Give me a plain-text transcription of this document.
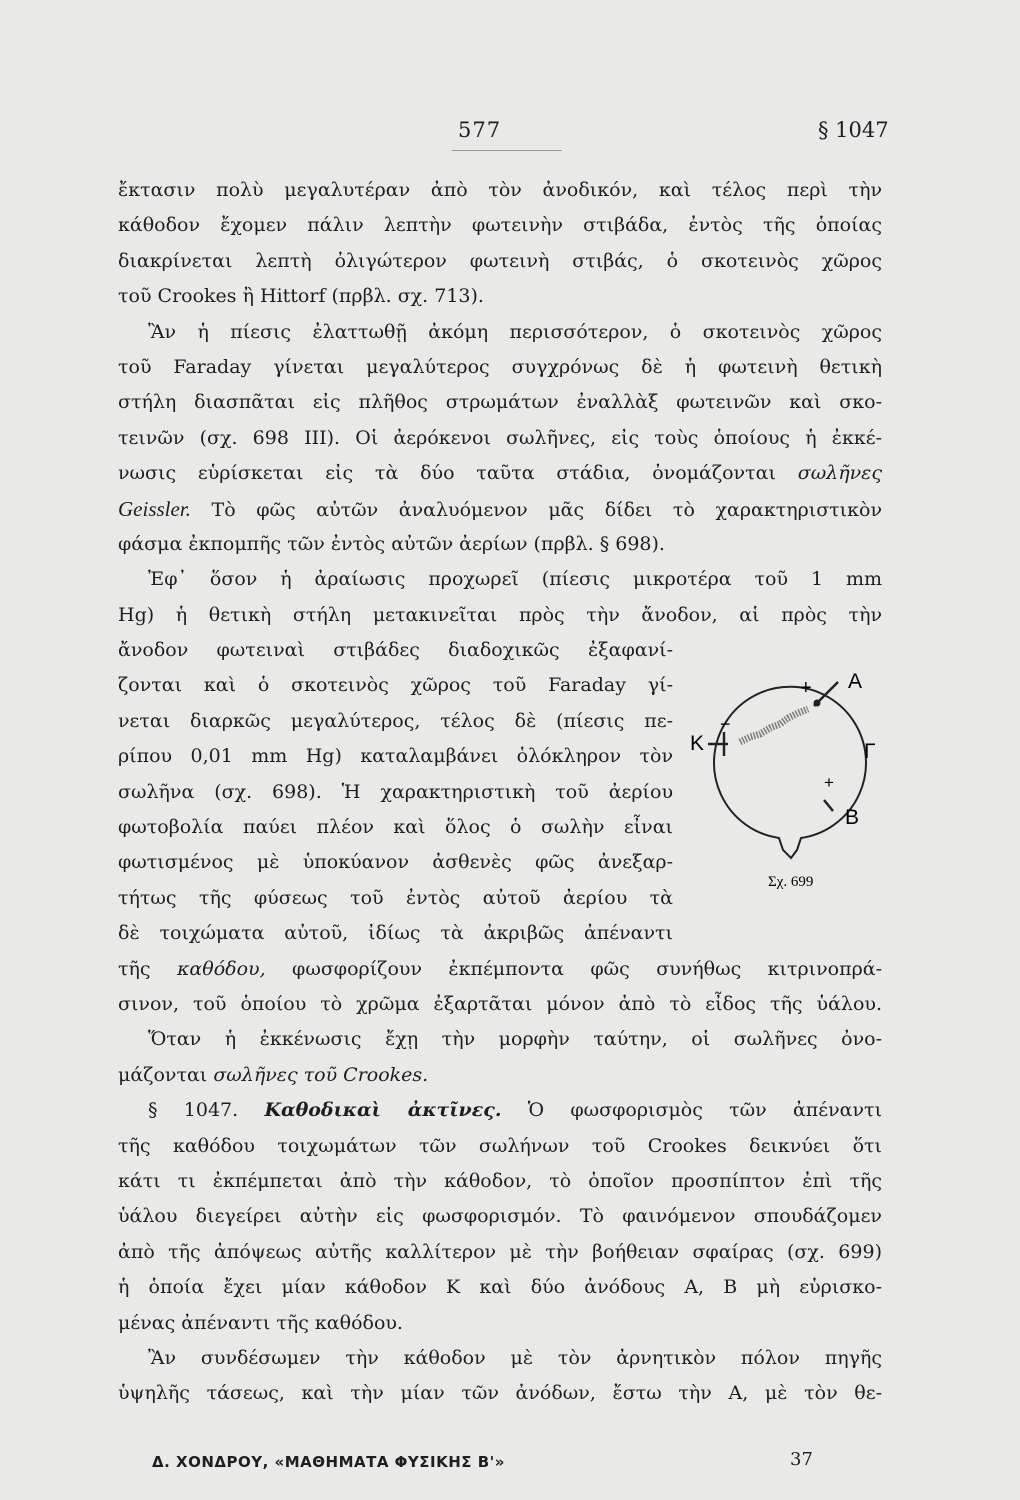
577	§ 1047
ἔκτασιν πολὺ μεγαλυτέραν ἀπὸ τὸν ἀνοδικόν, καὶ τέλος περὶ τὴν
κάθοδον ἔχομεν πάλιν λεπτὴν φωτεινὴν στιβάδα, ἐντὸς τῆς ὁποίας
διακρίνεται λεπτὴ ὀλιγώτερον φωτεινὴ στιβάς, ὁ σκοτεινὸς χῶρος
τοῦ Crookes ἢ Hittorf (πρβλ. σχ. 713).
Ἂν ἡ πίεσις ἐλαττωθῇ ἀκόμη περισσότερον, ὁ σκοτεινὸς χῶρος
τοῦ Faraday γίνεται μεγαλύτερος συγχρόνως δὲ ἡ φωτεινὴ θετικὴ
στήλη διασπᾶται εἰς πλῆθος στρωμάτων ἐναλλὰξ φωτεινῶν καὶ σκο-
τεινῶν (σχ. 698 III). Οἱ ἀερόκενοι σωλῆνες, εἰς τοὺς ὁποίους ἡ ἐκκέ-
νωσις εὑρίσκεται εἰς τὰ δύο ταῦτα στάδια, ὀνομάζονται σωλῆνες
Geissler. Τὸ φῶς αὐτῶν ἀναλυόμενον μᾶς δίδει τὸ χαρακτηριστικὸν
φάσμα ἐκπομπῆς τῶν ἐντὸς αὐτῶν ἀερίων (πρβλ. § 698).
Ἐφ᾽ ὅσον ἡ ἀραίωσις προχωρεῖ (πίεσις μικροτέρα τοῦ 1 mm
Hg) ἡ θετικὴ στήλη μετακινεῖται πρὸς τὴν ἄνοδον, αἱ πρὸς τὴν
ἄνοδον φωτειναὶ στιβάδες διαδοχικῶς ἐξαφανί-
ζονται καὶ ὁ σκοτεινὸς χῶρος τοῦ Faraday γί-
νεται διαρκῶς μεγαλύτερος, τέλος δὲ (πίεσις πε-
ρίπου 0,01 mm Hg) καταλαμβάνει ὁλόκληρον τὸν
σωλῆνα (σχ. 698). Ἡ χαρακτηριστικὴ τοῦ ἀερίου
φωτοβολία παύει πλέον καὶ ὅλος ὁ σωλὴν εἶναι
φωτισμένος μὲ ὑποκύανον ἀσθενὲς φῶς ἀνεξαρ-
τήτως τῆς φύσεως τοῦ ἐντὸς αὐτοῦ ἀερίου τὰ
δὲ τοιχώματα αὐτοῦ, ἰδίως τὰ ἀκριβῶς ἀπέναντι
τῆς καθόδου, φωσφορίζουν ἐκπέμποντα φῶς συνήθως κιτρινοπρά-
σινον, τοῦ ὁποίου τὸ χρῶμα ἐξαρτᾶται μόνον ἀπὸ τὸ εἶδος τῆς ὑάλου.
Ὅταν ἡ ἐκκένωσις ἔχῃ τὴν μορφὴν ταύτην, οἱ σωλῆνες ὀνο-
μάζονται σωλῆνες τοῦ Crookes.
§ 1047. Καθοδικαὶ ἀκτῖνες. Ὁ φωσφορισμὸς τῶν ἀπέναντι
τῆς καθόδου τοιχωμάτων τῶν σωλήνων τοῦ Crookes δεικνύει ὅτι
κάτι τι ἐκπέμπεται ἀπὸ τὴν κάθοδον, τὸ ὁποῖον προσπίπτον ἐπὶ τῆς
ὑάλου διεγείρει αὐτὴν εἰς φωσφορισμόν. Τὸ φαινόμενον σπουδάζομεν
ἀπὸ τῆς ἀπόψεως αὐτῆς καλλίτερον μὲ τὴν βοήθειαν σφαίρας (σχ. 699)
ἡ ὁποία ἔχει μίαν κάθοδον Κ καὶ δύο ἀνόδους Α, Β μὴ εὑρισκο-
μένας ἀπέναντι τῆς καθόδου.
Ἂν συνδέσωμεν τὴν κάθοδον μὲ τὸν ἀρνητικὸν πόλον πηγῆς
ὑψηλῆς τάσεως, καὶ τὴν μίαν τῶν ἀνόδων, ἔστω τὴν Α, μὲ τὸν θε-
A
+
K
−
Γ
+
B
Σχ. 699
Δ. ΧΟΝΔΡΟΥ, «ΜΑΘΗΜΑΤΑ ΦΥΣΙΚΗΣ Β'»	37
